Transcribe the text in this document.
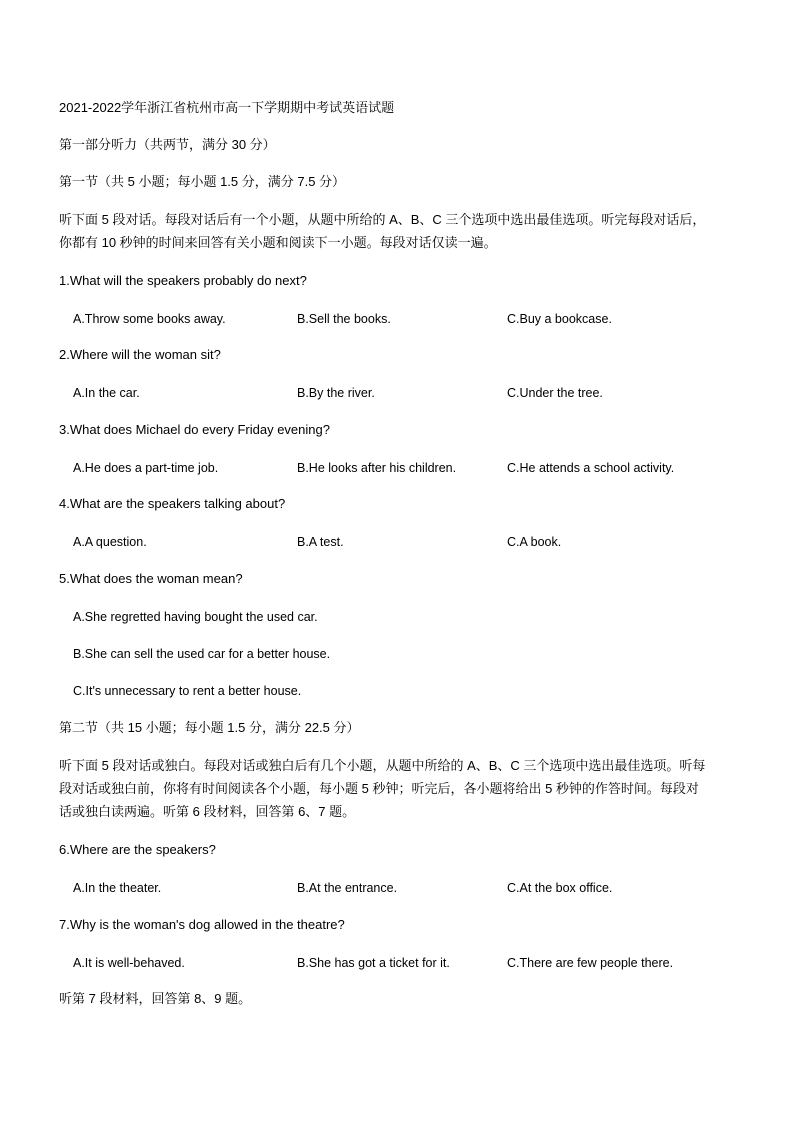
2021-2022学年浙江省杭州市高一下学期期中考试英语试题
第一部分听力（共两节，满分 30 分）
第一节（共 5 小题；每小题 1.5 分，满分 7.5 分）
听下面 5 段对话。每段对话后有一个小题，从题中所给的 A、B、C 三个选项中选出最佳选项。听完每段对话后，
你都有 10 秒钟的时间来回答有关小题和阅读下一小题。每段对话仅读一遍。
1.What will the speakers probably do next?
A.Throw some books away.	B.Sell the books.	C.Buy a bookcase.
2.Where will the woman sit?
A.In the car.	B.By the river.	C.Under the tree.
3.What does Michael do every Friday evening?
A.He does a part-time job.	B.He looks after his children.	C.He attends a school activity.
4.What are the speakers talking about?
A.A question.	B.A test.	C.A book.
5.What does the woman mean?
A.She regretted having bought the used car.
B.She can sell the used car for a better house.
C.It's unnecessary to rent a better house.
第二节（共 15 小题；每小题 1.5 分，满分 22.5 分）
听下面 5 段对话或独白。每段对话或独白后有几个小题，从题中所给的 A、B、C 三个选项中选出最佳选项。听每
段对话或独白前，你将有时间阅读各个小题，每小题 5 秒钟；听完后，各小题将给出 5 秒钟的作答时间。每段对
话或独白读两遍。听第 6 段材料，回答第 6、7 题。
6.Where are the speakers?
A.In the theater.	B.At the entrance.	C.At the box office.
7.Why is the woman's dog allowed in the theatre?
A.It is well-behaved.	B.She has got a ticket for it.	C.There are few people there.
听第 7 段材料，回答第 8、9 题。
